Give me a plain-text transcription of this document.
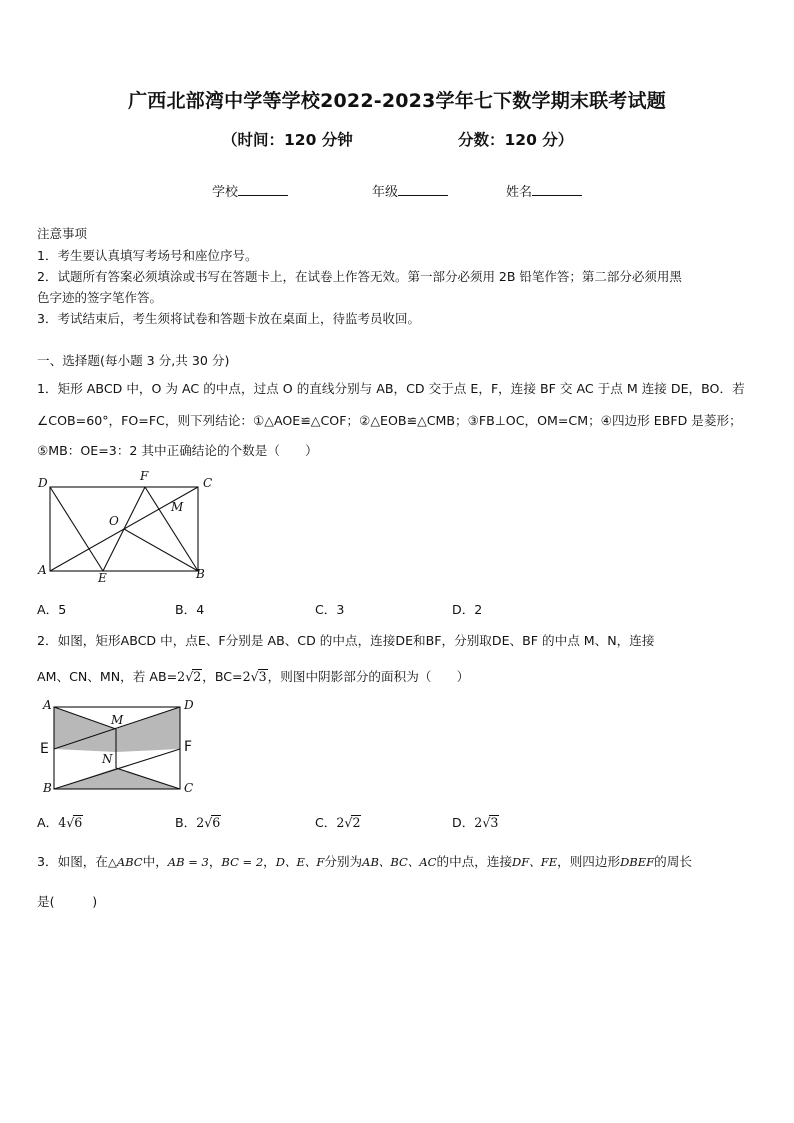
广西北部湾中学等学校2022-2023学年七下数学期末联考试题
（时间：120 分钟	分数：120 分）
学校	年级	姓名
注意事项
1．考生要认真填写考场号和座位序号。
2．试题所有答案必须填涂或书写在答题卡上，在试卷上作答无效。第一部分必须用 2B 铅笔作答；第二部分必须用黑
色字迹的签字笔作答。
3．考试结束后，考生须将试卷和答题卡放在桌面上，待监考员收回。
一、选择题(每小题 3 分,共 30 分)
1．矩形 ABCD 中，O 为 AC 的中点，过点 O 的直线分别与 AB，CD 交于点 E，F，连接 BF 交 AC 于点 M 连接 DE，BO．若
∠COB=60°，FO=FC，则下列结论：①△AOE≌△COF；②△EOB≌△CMB；③FB⊥OC，OM=CM；④四边形 EBFD 是菱形；
⑤MB：OE=3：2 其中正确结论的个数是（　　）
D	F	C
M
O
A
E	B
A．5	B．4	C．3	D．2
2．如图，矩形ABCD 中，点E、F分别是 AB、CD 的中点，连接DE和BF，分别取DE、BF 的中点 M、N，连接
AM、CN、MN，若 AB=2√2，BC=2√3，则图中阴影部分的面积为（　　）
A
M
D
E	F
N
B	C
A．4√6	B．2√6	C．2√2	D．2√3
3．如图，在△ABC中，AB = 3，BC = 2，D、E、F分别为AB、BC、AC的中点，连接DF、FE，则四边形DBEF的周长
是(　　　)
